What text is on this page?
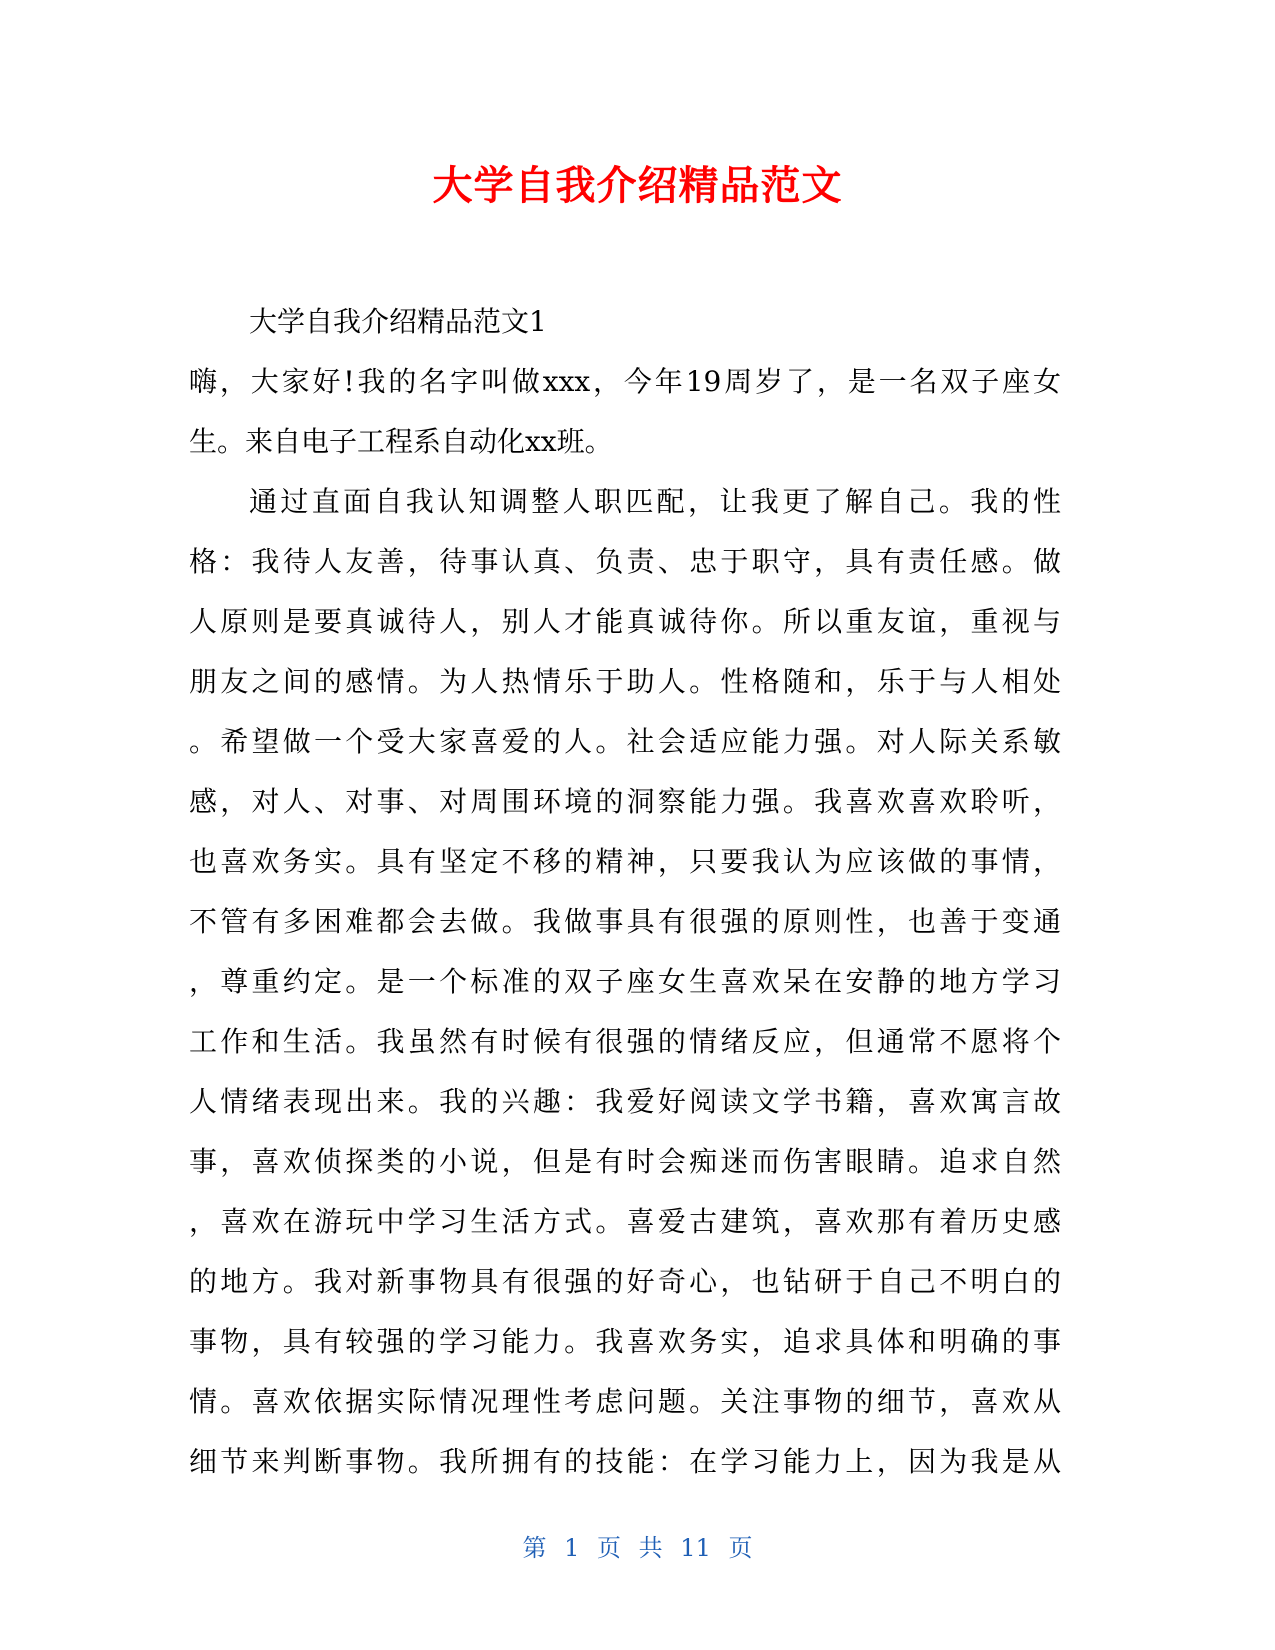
大学自我介绍精品范文
大学自我介绍精品范文1
嗨，大家好!我的名字叫做xxx，今年19周岁了，是一名双子座女
生。来自电子工程系自动化xx班。
通过直面自我认知调整人职匹配，让我更了解自己。我的性
格：我待人友善，待事认真、负责、忠于职守，具有责任感。做
人原则是要真诚待人，别人才能真诚待你。所以重友谊，重视与
朋友之间的感情。为人热情乐于助人。性格随和，乐于与人相处
。希望做一个受大家喜爱的人。社会适应能力强。对人际关系敏
感，对人、对事、对周围环境的洞察能力强。我喜欢喜欢聆听，
也喜欢务实。具有坚定不移的精神，只要我认为应该做的事情，
不管有多困难都会去做。我做事具有很强的原则性，也善于变通
，尊重约定。是一个标准的双子座女生喜欢呆在安静的地方学习
工作和生活。我虽然有时候有很强的情绪反应，但通常不愿将个
人情绪表现出来。我的兴趣：我爱好阅读文学书籍，喜欢寓言故
事，喜欢侦探类的小说，但是有时会痴迷而伤害眼睛。追求自然
，喜欢在游玩中学习生活方式。喜爱古建筑，喜欢那有着历史感
的地方。我对新事物具有很强的好奇心，也钻研于自己不明白的
事物，具有较强的学习能力。我喜欢务实，追求具体和明确的事
情。喜欢依据实际情况理性考虑问题。关注事物的细节，喜欢从
细节来判断事物。我所拥有的技能：在学习能力上，因为我是从
第 1 页 共 11 页
